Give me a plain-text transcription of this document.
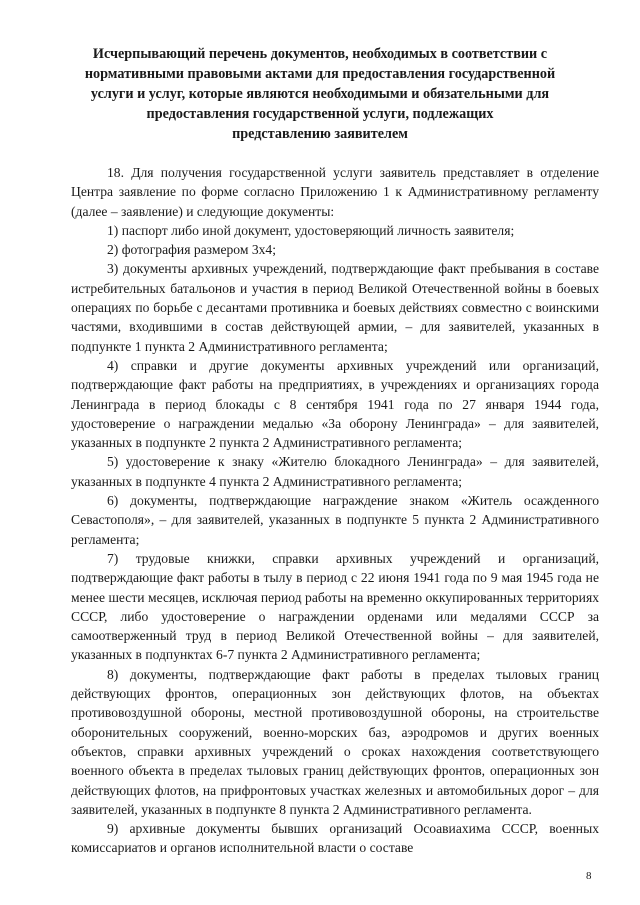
Исчерпывающий перечень документов, необходимых в соответствии с
нормативными правовыми актами для предоставления государственной
услуги и услуг, которые являются необходимыми и обязательными для
предоставления государственной услуги, подлежащих
представлению заявителем

18. Для получения государственной услуги заявитель представляет в отделение Центра заявление по форме согласно Приложению 1 к Административному регламенту (далее – заявление) и следующие документы:

1) паспорт либо иной документ, удостоверяющий личность заявителя;

2) фотография размером 3х4;

3) документы архивных учреждений, подтверждающие факт пребывания в составе истребительных батальонов и участия в период Великой Отечественной войны в боевых операциях по борьбе с десантами противника и боевых действиях совместно с воинскими частями, входившими в состав действующей армии, – для заявителей, указанных в подпункте 1 пункта 2 Административного регламента;

4) справки и другие документы архивных учреждений или организаций, подтверждающие факт работы на предприятиях, в учреждениях и организациях города Ленинграда в период блокады с 8 сентября 1941 года по 27 января 1944 года, удостоверение о награждении медалью «За оборону Ленинграда» – для заявителей, указанных в подпункте 2 пункта 2 Административного регламента;

5) удостоверение к знаку «Жителю блокадного Ленинграда» – для заявителей, указанных в подпункте 4 пункта 2 Административного регламента;

6) документы, подтверждающие награждение знаком «Житель осажденного Севастополя», – для заявителей, указанных в подпункте 5 пункта 2 Административного регламента;

7) трудовые книжки, справки архивных учреждений и организаций, подтверждающие факт работы в тылу в период с 22 июня 1941 года по 9 мая 1945 года не менее шести месяцев, исключая период работы на временно оккупированных территориях СССР, либо удостоверение о награждении орденами или медалями СССР за самоотверженный труд в период Великой Отечественной войны – для заявителей, указанных в подпунктах 6-7 пункта 2 Административного регламента;

8) документы, подтверждающие факт работы в пределах тыловых границ действующих фронтов, операционных зон действующих флотов, на объектах противовоздушной обороны, местной противовоздушной обороны, на строительстве оборонительных сооружений, военно-морских баз, аэродромов и других военных объектов, справки архивных учреждений о сроках нахождения соответствующего военного объекта в пределах тыловых границ действующих фронтов, операционных зон действующих флотов, на прифронтовых участках железных и автомобильных дорог – для заявителей, указанных в подпункте 8 пункта 2 Административного регламента.

9) архивные документы бывших организаций Осоавиахима СССР, военных комиссариатов и органов исполнительной власти о составе

8
